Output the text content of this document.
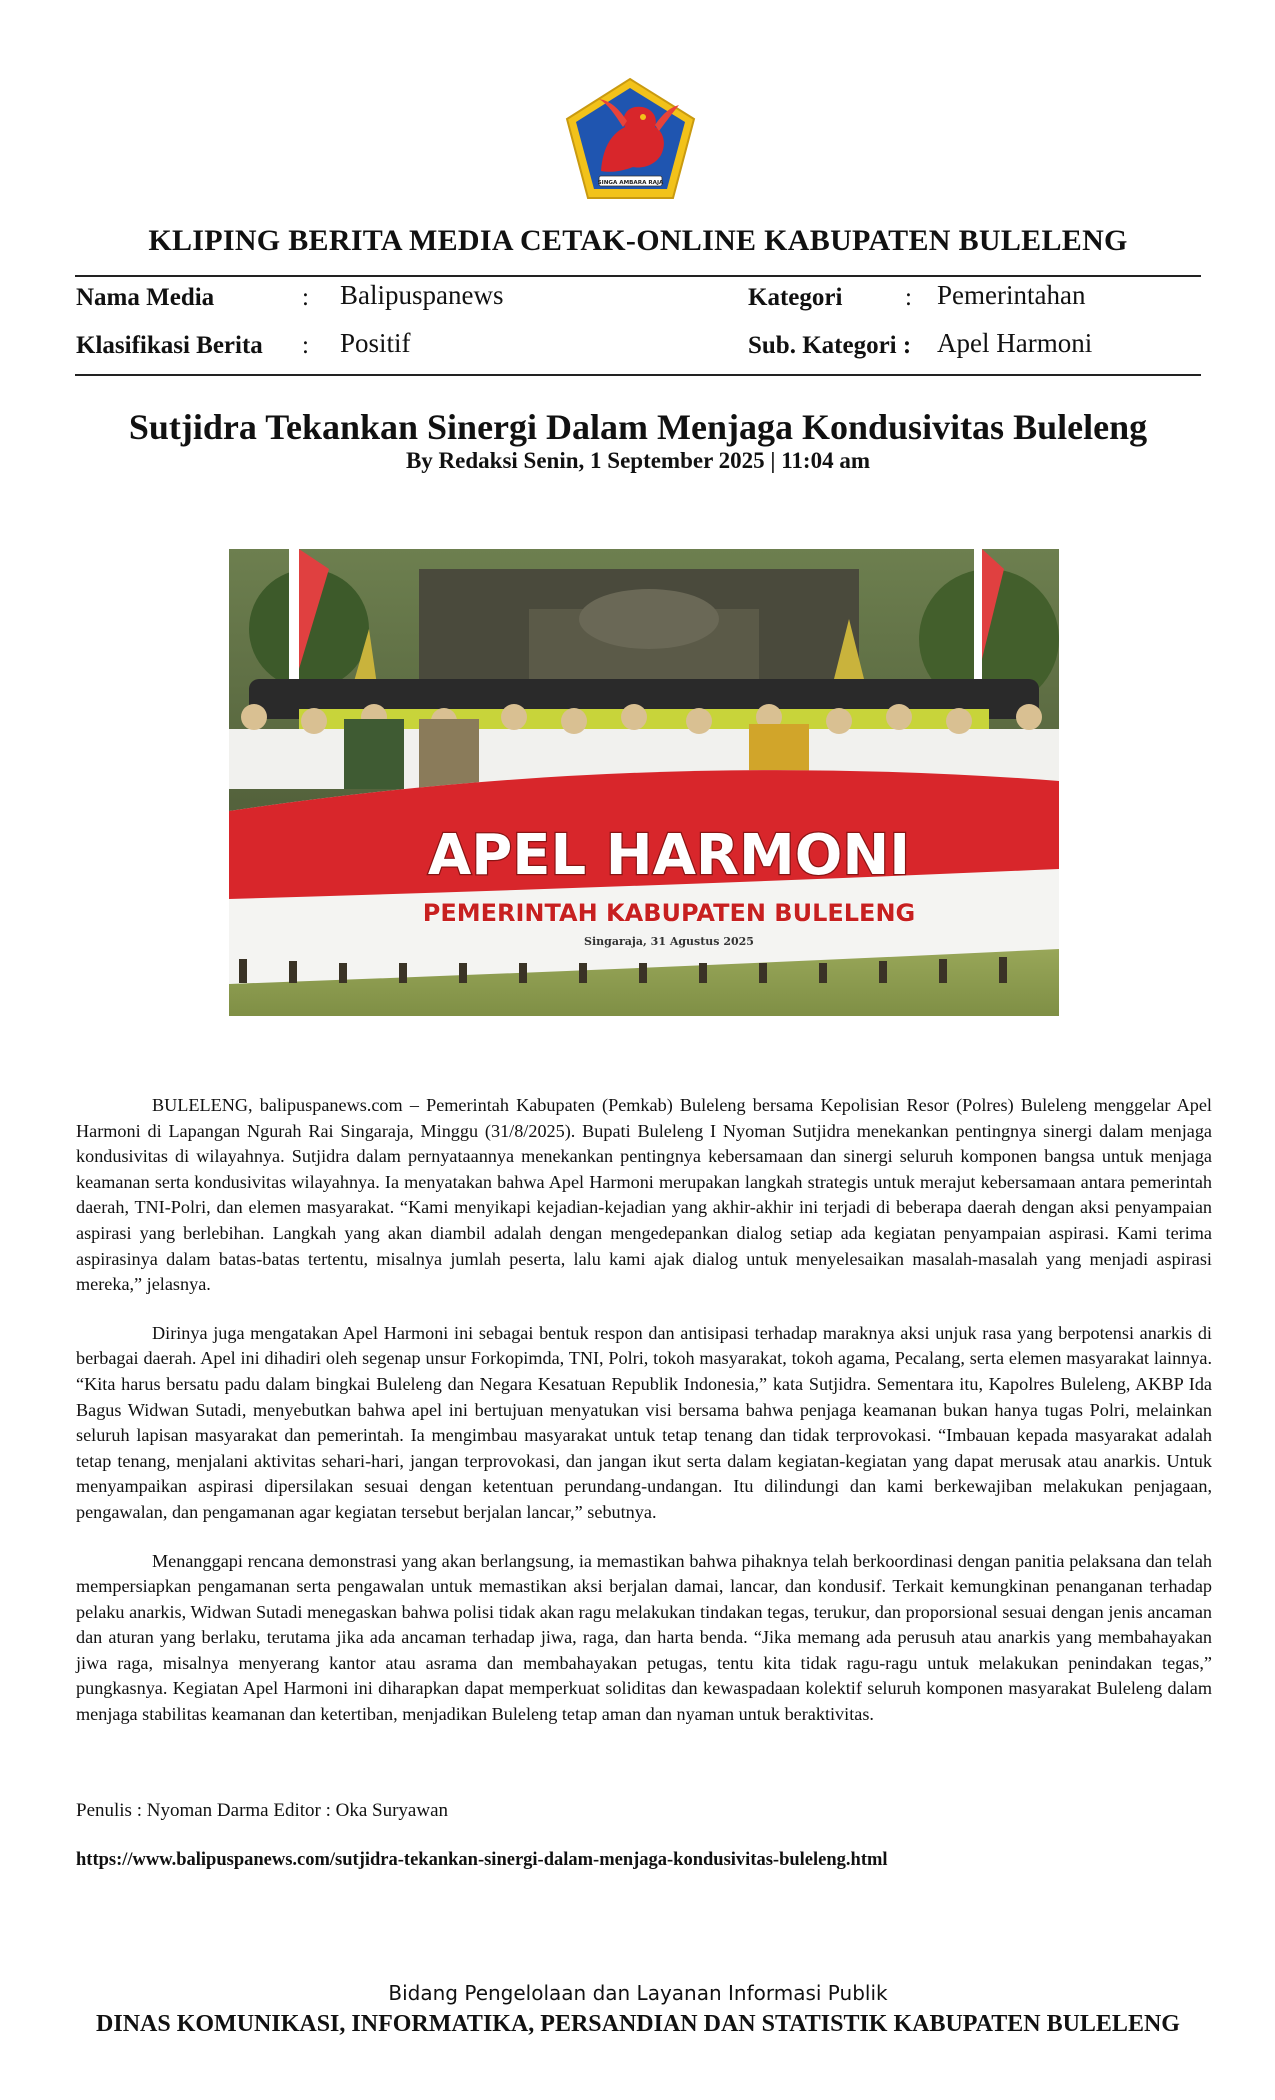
SINGA AMBARA RAJA
KLIPING BERITA MEDIA CETAK-ONLINE KABUPATEN BULELENG
Nama Media	: Balipuspanews	Kategori	: Pemerintahan
Klasifikasi Berita : Positif	Sub. Kategori : Apel Harmoni
Sutjidra Tekankan Sinergi Dalam Menjaga Kondusivitas Buleleng
By Redaksi Senin, 1 September 2025 | 11:04 am
APEL HARMONI
PEMERINTAH KABUPATEN BULELENG
Singaraja, 31 Agustus 2025

BULELENG, balipuspanews.com – Pemerintah Kabupaten (Pemkab) Buleleng bersama Kepolisian Resor (Polres) Buleleng menggelar Apel Harmoni di Lapangan Ngurah Rai Singaraja, Minggu (31/8/2025). Bupati Buleleng I Nyoman Sutjidra menekankan pentingnya sinergi dalam menjaga kondusivitas di wilayahnya. Sutjidra dalam pernyataannya menekankan pentingnya kebersamaan dan sinergi seluruh komponen bangsa untuk menjaga keamanan serta kondusivitas wilayahnya. Ia menyatakan bahwa Apel Harmoni merupakan langkah strategis untuk merajut kebersamaan antara pemerintah daerah, TNI-Polri, dan elemen masyarakat. “Kami menyikapi kejadian-kejadian yang akhir-akhir ini terjadi di beberapa daerah dengan aksi penyampaian aspirasi yang berlebihan. Langkah yang akan diambil adalah dengan mengedepankan dialog setiap ada kegiatan penyampaian aspirasi. Kami terima aspirasinya dalam batas-batas tertentu, misalnya jumlah peserta, lalu kami ajak dialog untuk menyelesaikan masalah-masalah yang menjadi aspirasi mereka,” jelasnya.

Dirinya juga mengatakan Apel Harmoni ini sebagai bentuk respon dan antisipasi terhadap maraknya aksi unjuk rasa yang berpotensi anarkis di berbagai daerah. Apel ini dihadiri oleh segenap unsur Forkopimda, TNI, Polri, tokoh masyarakat, tokoh agama, Pecalang, serta elemen masyarakat lainnya. “Kita harus bersatu padu dalam bingkai Buleleng dan Negara Kesatuan Republik Indonesia,” kata Sutjidra. Sementara itu, Kapolres Buleleng, AKBP Ida Bagus Widwan Sutadi, menyebutkan bahwa apel ini bertujuan menyatukan visi bersama bahwa penjaga keamanan bukan hanya tugas Polri, melainkan seluruh lapisan masyarakat dan pemerintah. Ia mengimbau masyarakat untuk tetap tenang dan tidak terprovokasi. “Imbauan kepada masyarakat adalah tetap tenang, menjalani aktivitas sehari-hari, jangan terprovokasi, dan jangan ikut serta dalam kegiatan-kegiatan yang dapat merusak atau anarkis. Untuk menyampaikan aspirasi dipersilakan sesuai dengan ketentuan perundang-undangan. Itu dilindungi dan kami berkewajiban melakukan penjagaan, pengawalan, dan pengamanan agar kegiatan tersebut berjalan lancar,” sebutnya.

Menanggapi rencana demonstrasi yang akan berlangsung, ia memastikan bahwa pihaknya telah berkoordinasi dengan panitia pelaksana dan telah mempersiapkan pengamanan serta pengawalan untuk memastikan aksi berjalan damai, lancar, dan kondusif. Terkait kemungkinan penanganan terhadap pelaku anarkis, Widwan Sutadi menegaskan bahwa polisi tidak akan ragu melakukan tindakan tegas, terukur, dan proporsional sesuai dengan jenis ancaman dan aturan yang berlaku, terutama jika ada ancaman terhadap jiwa, raga, dan harta benda. “Jika memang ada perusuh atau anarkis yang membahayakan jiwa raga, misalnya menyerang kantor atau asrama dan membahayakan petugas, tentu kita tidak ragu-ragu untuk melakukan penindakan tegas,” pungkasnya. Kegiatan Apel Harmoni ini diharapkan dapat memperkuat soliditas dan kewaspadaan kolektif seluruh komponen masyarakat Buleleng dalam menjaga stabilitas keamanan dan ketertiban, menjadikan Buleleng tetap aman dan nyaman untuk beraktivitas.

Penulis : Nyoman Darma Editor : Oka Suryawan
https://www.balipuspanews.com/sutjidra-tekankan-sinergi-dalam-menjaga-kondusivitas-buleleng.html
Bidang Pengelolaan dan Layanan Informasi Publik
DINAS KOMUNIKASI, INFORMATIKA, PERSANDIAN DAN STATISTIK KABUPATEN BULELENG
